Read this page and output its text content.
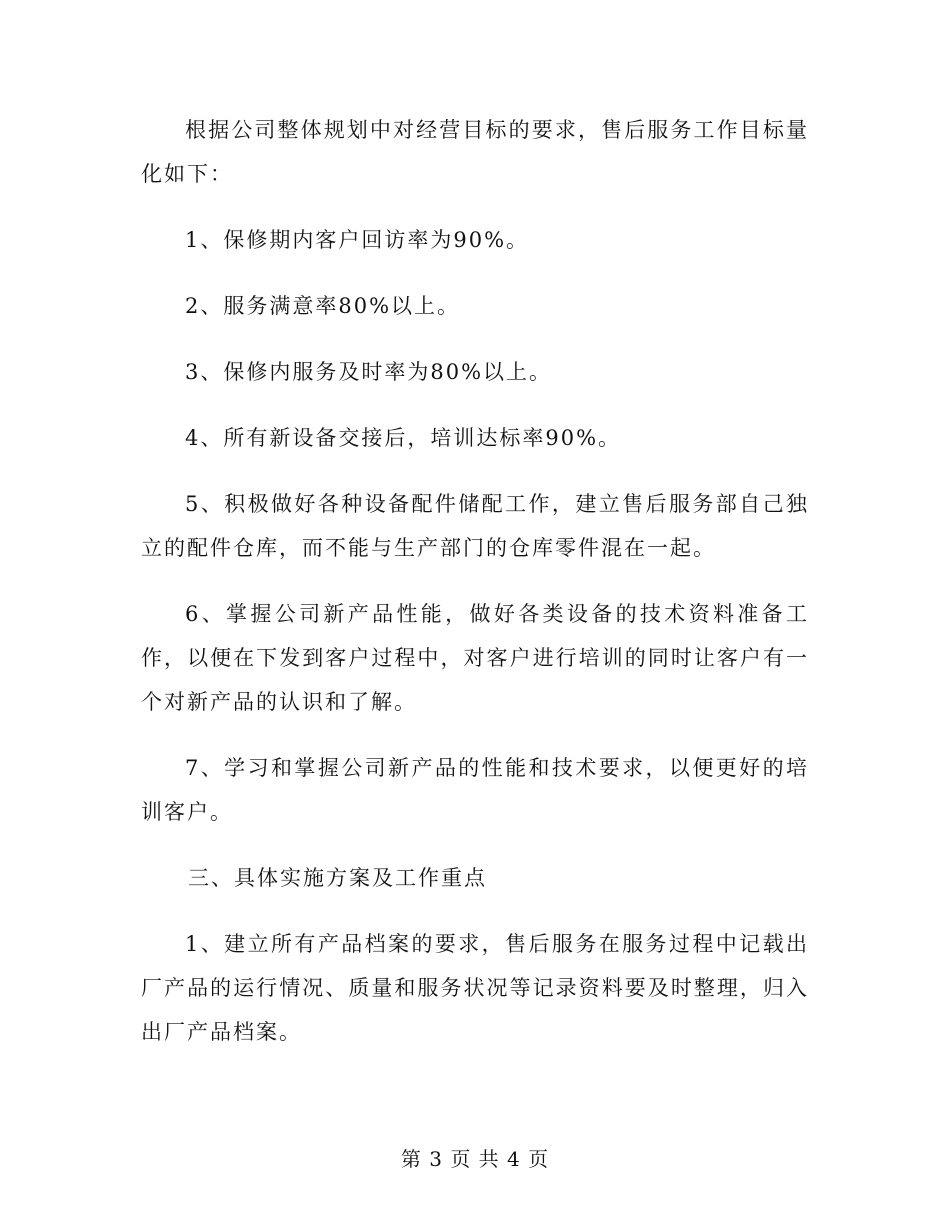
根据公司整体规划中对经营目标的要求，售后服务工作目标量化如下：

1、保修期内客户回访率为90%。

2、服务满意率80%以上。

3、保修内服务及时率为80%以上。

4、所有新设备交接后，培训达标率90%。

5、积极做好各种设备配件储配工作，建立售后服务部自己独立的配件仓库，而不能与生产部门的仓库零件混在一起。

6、掌握公司新产品性能，做好各类设备的技术资料准备工作，以便在下发到客户过程中，对客户进行培训的同时让客户有一个对新产品的认识和了解。

7、学习和掌握公司新产品的性能和技术要求，以便更好的培训客户。

三、具体实施方案及工作重点

1、建立所有产品档案的要求，售后服务在服务过程中记载出厂产品的运行情况、质量和服务状况等记录资料要及时整理，归入出厂产品档案。

第 3 页 共 4 页
